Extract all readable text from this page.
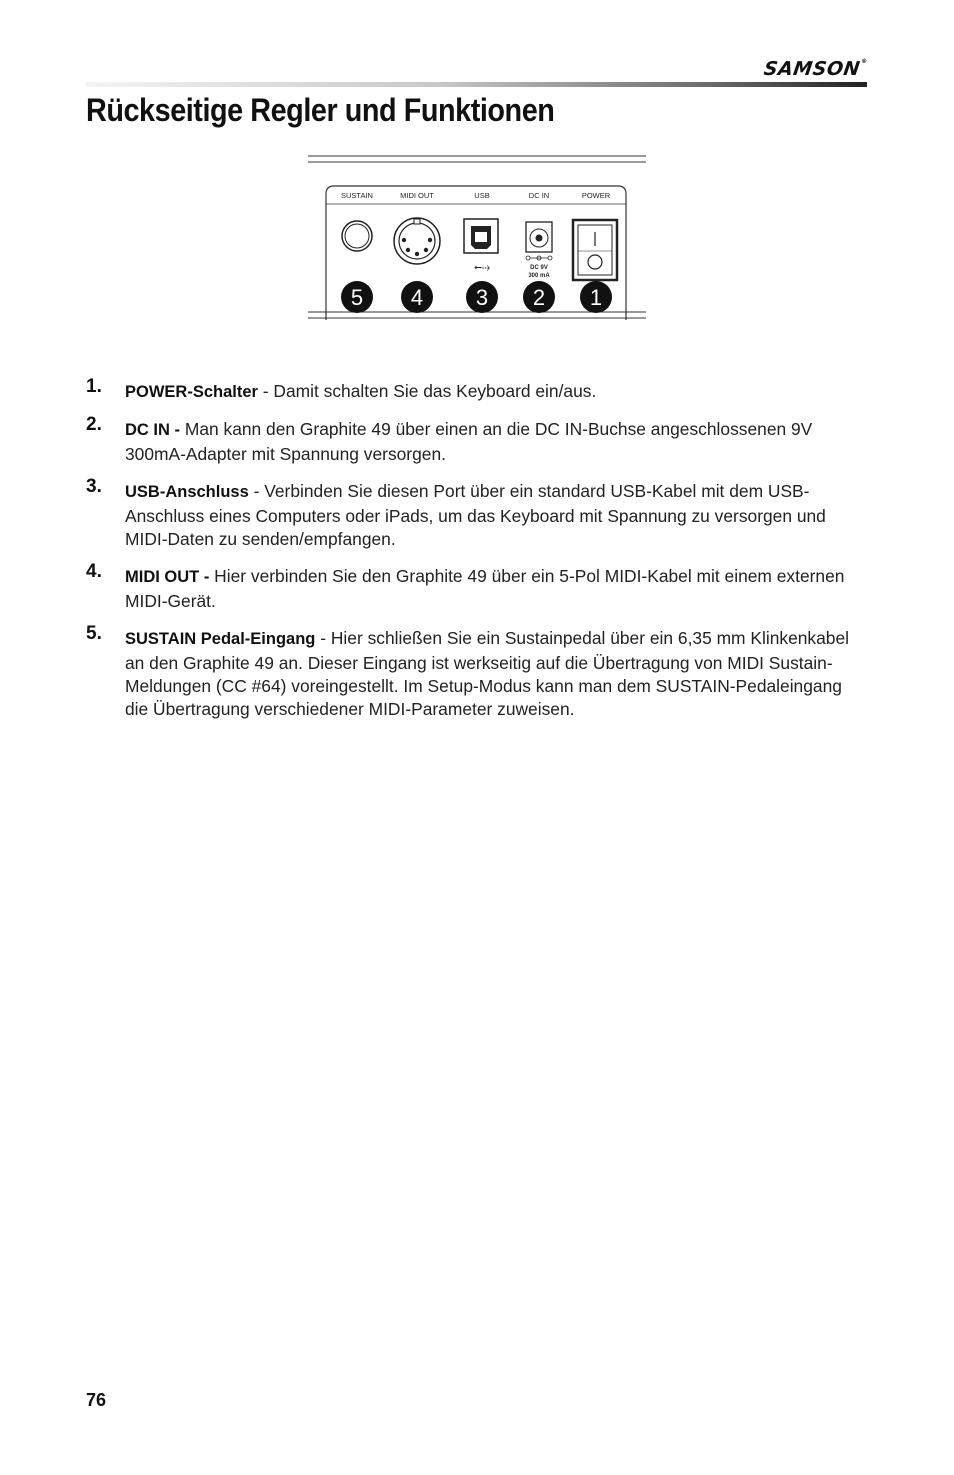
SAMSON®
Rückseitige Regler und Funktionen
SUSTAIN	MIDI OUT	USB	DC IN	POWER
⭠⇢	DC 9V
300 mA
5 4 3 2 1
1. POWER-Schalter - Damit schalten Sie das Keyboard ein/aus.
2. DC IN - Man kann den Graphite 49 über einen an die DC IN-Buchse angeschlossenen 9V 300mA-Adapter mit Spannung versorgen.
3. USB-Anschluss - Verbinden Sie diesen Port über ein standard USB-Kabel mit dem USB-Anschluss eines Computers oder iPads, um das Keyboard mit Spannung zu versorgen und MIDI-Daten zu senden/empfangen.
4. MIDI OUT - Hier verbinden Sie den Graphite 49 über ein 5-Pol MIDI-Kabel mit einem externen MIDI-Gerät.
5. SUSTAIN Pedal-Eingang - Hier schließen Sie ein Sustainpedal über ein 6,35 mm Klinkenkabel an den Graphite 49 an. Dieser Eingang ist werkseitig auf die Übertragung von MIDI Sustain-Meldungen (CC #64) voreingestellt. Im Setup-Modus kann man dem SUSTAIN-Pedaleingang die Übertragung verschiedener MIDI-Parameter zuweisen.
76
